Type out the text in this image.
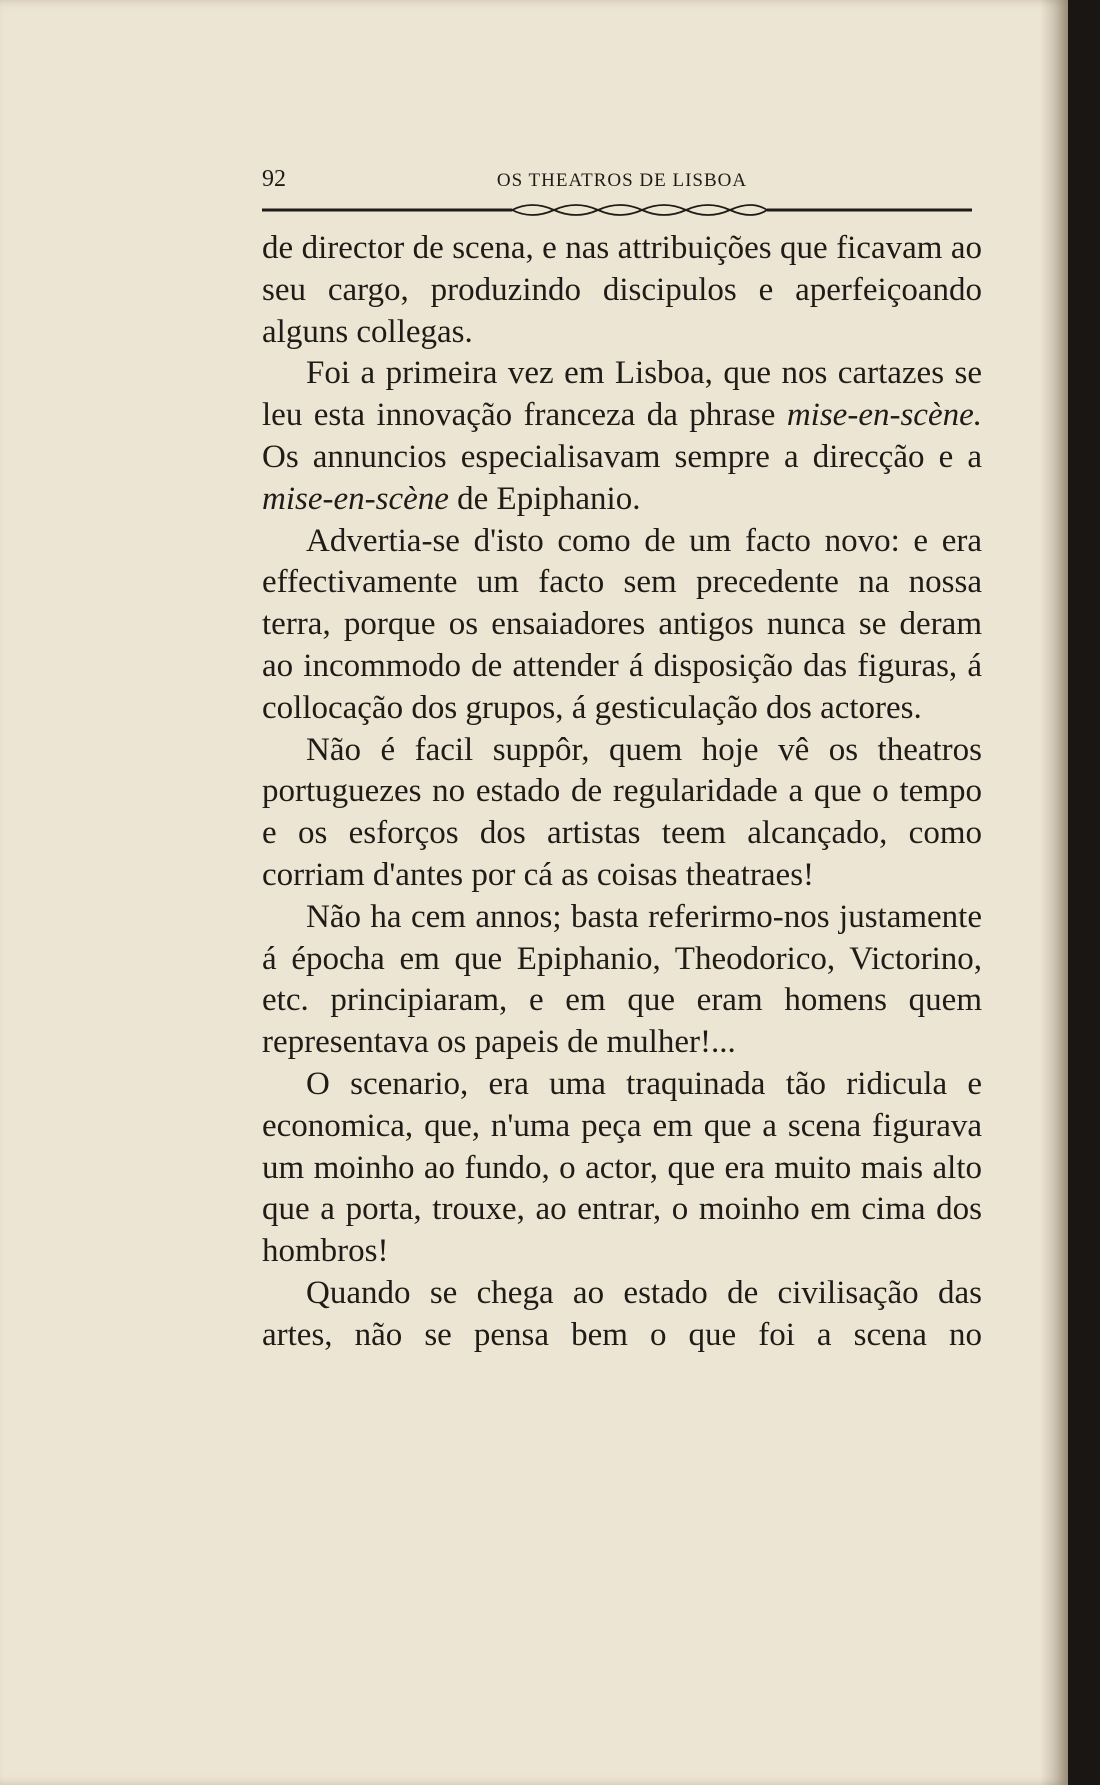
92	OS THEATROS DE LISBOA

de director de scena, e nas attribuições que ficavam ao seu cargo, produzindo discipulos e aperfeiçoando alguns collegas.

Foi a primeira vez em Lisboa, que nos cartazes se leu esta innovação franceza da phrase mise-en-scène. Os annuncios especialisavam sempre a direcção e a mise-en-scène de Epiphanio.

Advertia-se d'isto como de um facto novo: e era effectivamente um facto sem precedente na nossa terra, porque os ensaiadores antigos nunca se deram ao incommodo de attender á disposição das figuras, á collocação dos grupos, á gesticulação dos actores.

Não é facil suppôr, quem hoje vê os theatros portuguezes no estado de regularidade a que o tempo e os esforços dos artistas teem alcançado, como corriam d'antes por cá as coisas theatraes!

Não ha cem annos; basta referirmo-nos justamente á épocha em que Epiphanio, Theodorico, Victorino, etc. principiaram, e em que eram homens quem representava os papeis de mulher!...

O scenario, era uma traquinada tão ridicula e economica, que, n'uma peça em que a scena figurava um moinho ao fundo, o actor, que era muito mais alto que a porta, trouxe, ao entrar, o moinho em cima dos hombros!

Quando se chega ao estado de civilisação das artes, não se pensa bem o que foi a scena no
